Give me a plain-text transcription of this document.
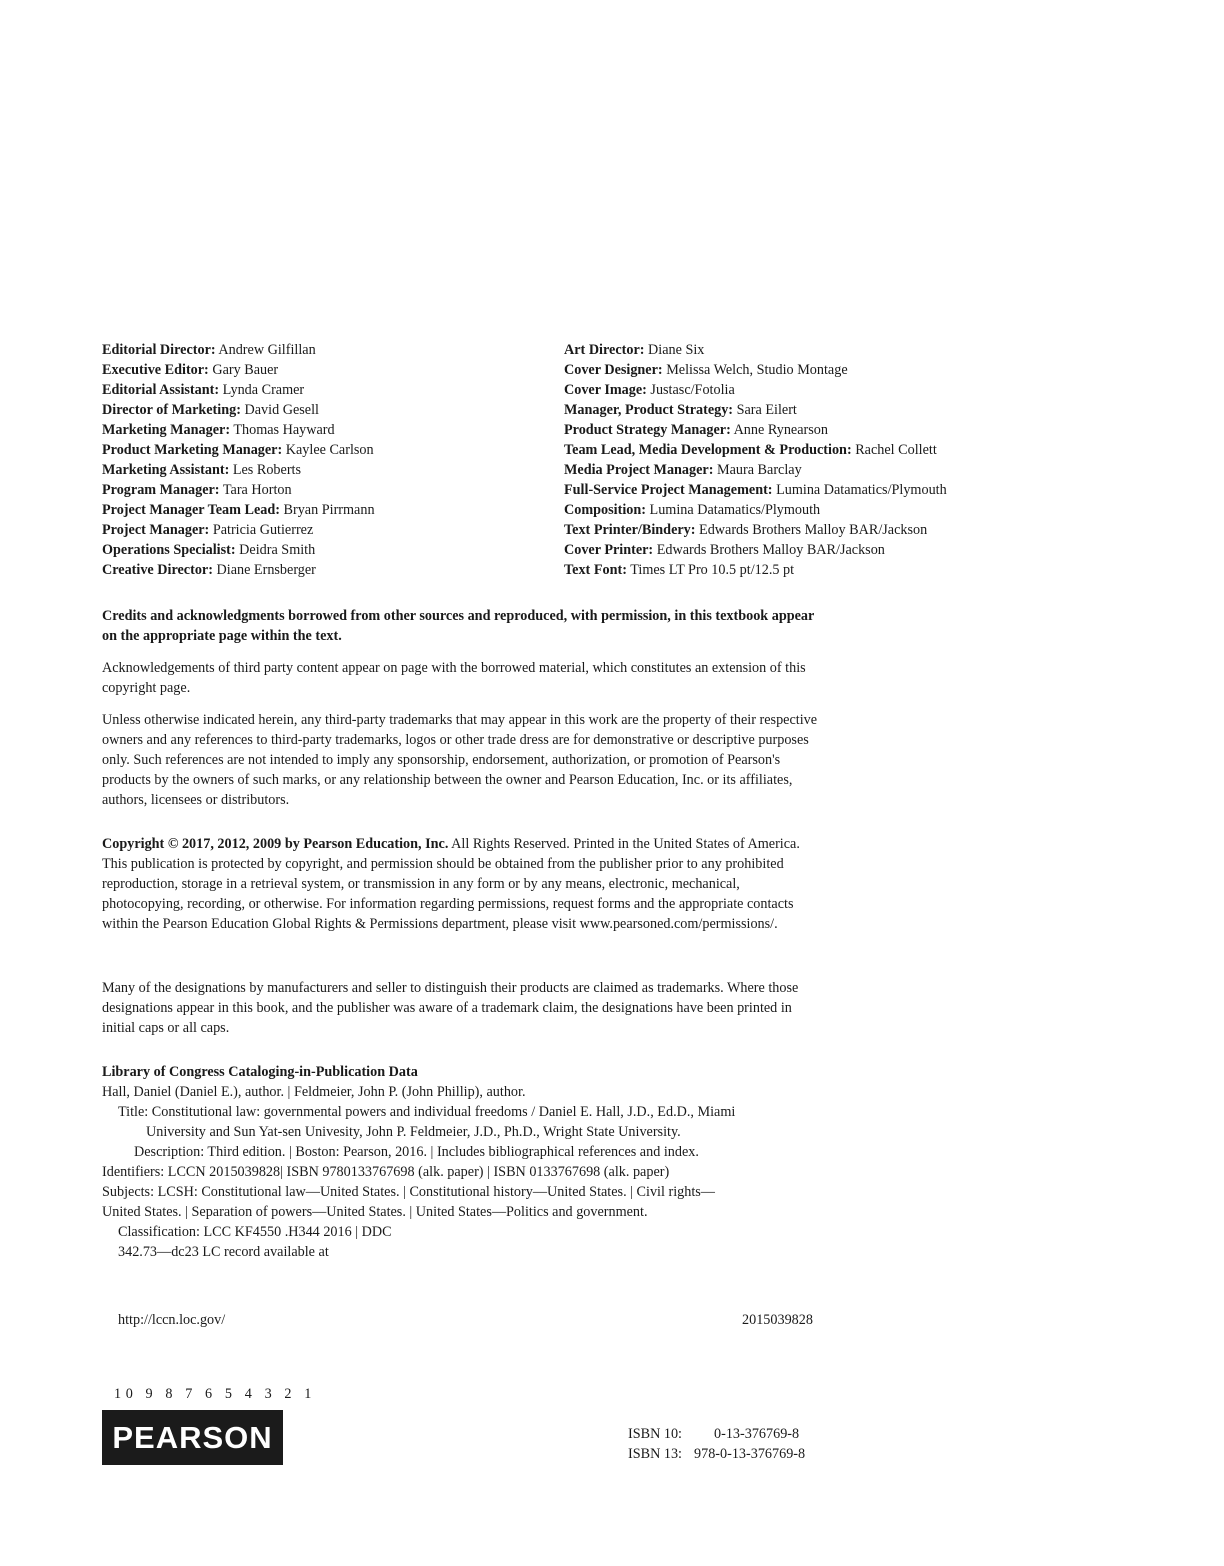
Editorial Director: Andrew Gilfillan
Executive Editor: Gary Bauer
Editorial Assistant: Lynda Cramer
Director of Marketing: David Gesell
Marketing Manager: Thomas Hayward
Product Marketing Manager: Kaylee Carlson
Marketing Assistant: Les Roberts
Program Manager: Tara Horton
Project Manager Team Lead: Bryan Pirrmann
Project Manager: Patricia Gutierrez
Operations Specialist: Deidra Smith
Creative Director: Diane Ernsberger
Art Director: Diane Six
Cover Designer: Melissa Welch, Studio Montage
Cover Image: Justasc/Fotolia
Manager, Product Strategy: Sara Eilert
Product Strategy Manager: Anne Rynearson
Team Lead, Media Development & Production: Rachel Collett
Media Project Manager: Maura Barclay
Full-Service Project Management: Lumina Datamatics/Plymouth
Composition: Lumina Datamatics/Plymouth
Text Printer/Bindery: Edwards Brothers Malloy BAR/Jackson
Cover Printer: Edwards Brothers Malloy BAR/Jackson
Text Font: Times LT Pro 10.5 pt/12.5 pt

Credits and acknowledgments borrowed from other sources and reproduced, with permission, in this textbook appear on the appropriate page within the text.

Acknowledgements of third party content appear on page with the borrowed material, which constitutes an extension of this copyright page.

Unless otherwise indicated herein, any third-party trademarks that may appear in this work are the property of their respective owners and any references to third-party trademarks, logos or other trade dress are for demonstrative or descriptive purposes only. Such references are not intended to imply any sponsorship, endorsement, authorization, or promotion of Pearson's products by the owners of such marks, or any relationship between the owner and Pearson Education, Inc. or its affiliates, authors, licensees or distributors.

Copyright © 2017, 2012, 2009 by Pearson Education, Inc. All Rights Reserved. Printed in the United States of America. This publication is protected by copyright, and permission should be obtained from the publisher prior to any prohibited reproduction, storage in a retrieval system, or transmission in any form or by any means, electronic, mechanical, photocopying, recording, or otherwise. For information regarding permissions, request forms and the appropriate contacts within the Pearson Education Global Rights & Permissions department, please visit www.pearsoned.com/permissions/.

Many of the designations by manufacturers and seller to distinguish their products are claimed as trademarks. Where those designations appear in this book, and the publisher was aware of a trademark claim, the designations have been printed in initial caps or all caps.

Library of Congress Cataloging-in-Publication Data
Hall, Daniel (Daniel E.), author. | Feldmeier, John P. (John Phillip), author.
Title: Constitutional law: governmental powers and individual freedoms / Daniel E. Hall, J.D., Ed.D., Miami
University and Sun Yat-sen Univesity, John P. Feldmeier, J.D., Ph.D., Wright State University.
Description: Third edition. | Boston: Pearson, 2016. | Includes bibliographical references and index.
Identifiers: LCCN 2015039828| ISBN 9780133767698 (alk. paper) | ISBN 0133767698 (alk. paper)
Subjects: LCSH: Constitutional law—United States. | Constitutional history—United States. | Civil rights—
United States. | Separation of powers—United States. | United States—Politics and government.
Classification: LCC KF4550 .H344 2016 | DDC
342.73—dc23 LC record available at
http://lccn.loc.gov/	2015039828
10 9 8 7 6 5 4 3 2 1
PEARSON	ISBN 10: 0-13-376769-8
ISBN 13: 978-0-13-376769-8
